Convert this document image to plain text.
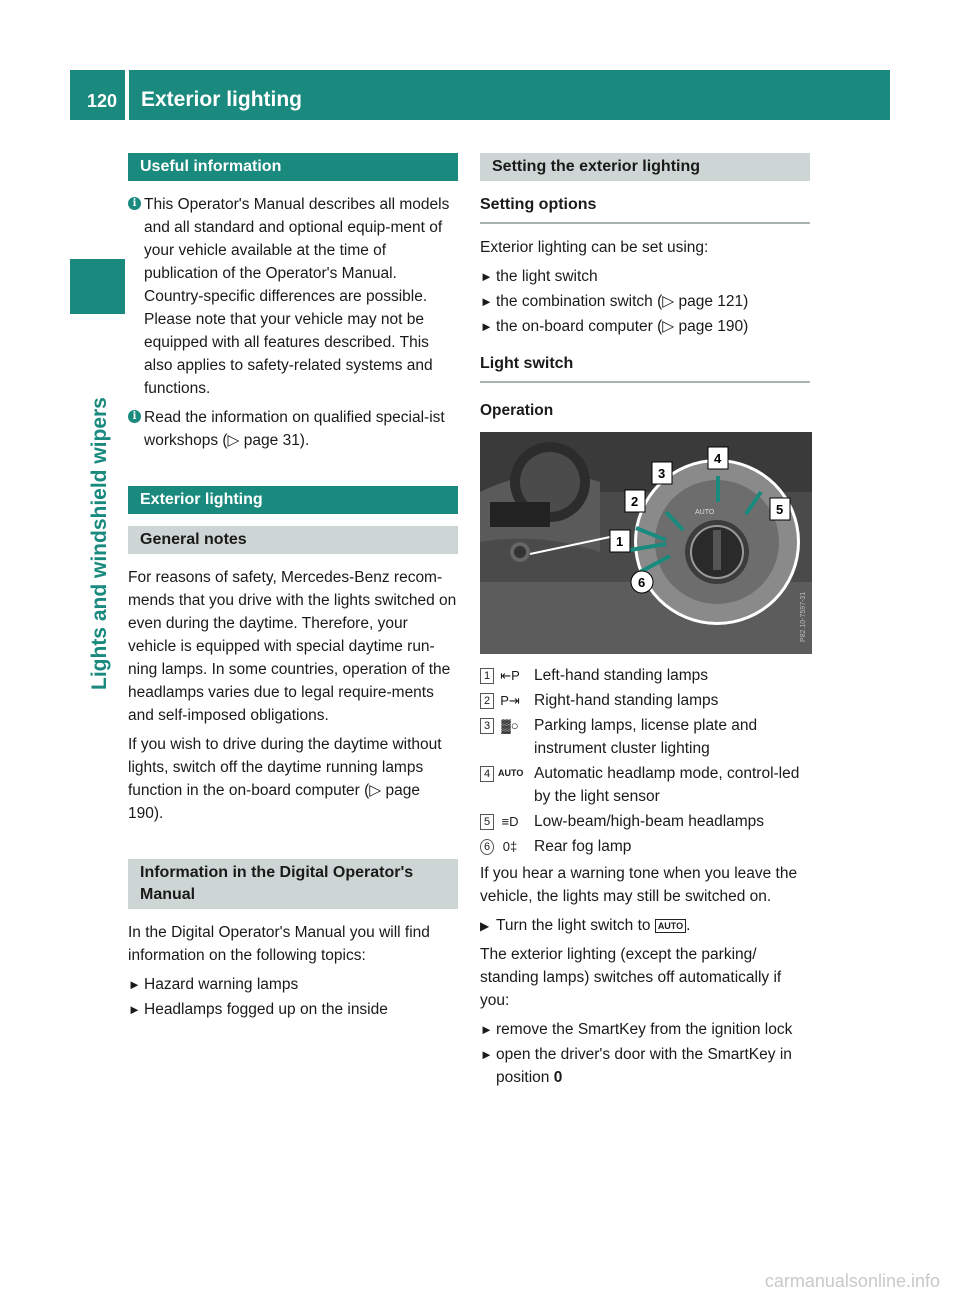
120 Exterior lighting
Lights and windshield wipers
Useful information
i This Operator's Manual describes all models and all standard and optional equip-ment of your vehicle available at the time of publication of the Operator's Manual. Country-specific differences are possible. Please note that your vehicle may not be equipped with all features described. This also applies to safety-related systems and functions.
i Read the information on qualified special-ist workshops (▷ page 31).
Exterior lighting
General notes

For reasons of safety, Mercedes-Benz recom-mends that you drive with the lights switched on even during the daytime. Therefore, your vehicle is equipped with special daytime run-ning lamps. In some countries, operation of the headlamps varies due to legal require-ments and self-imposed obligations.

If you wish to drive during the daytime without lights, switch off the daytime running lamps function in the on-board computer (▷ page 190).

Information in the Digital Operator's Manual

In the Digital Operator's Manual you will find information on the following topics:

► Hazard warning lamps
► Headlamps fogged up on the inside
Setting the exterior lighting
Setting options

Exterior lighting can be set using:

► the light switch
► the combination switch (▷ page 121)
► the on-board computer (▷ page 190)
Light switch
Operation
AUTO
1
2
3
4
5
6
P82.10-7597-31
1 ⇤P Left-hand standing lamps
2 P⇥ Right-hand standing lamps
3 ▓○ Parking lamps, license plate and instrument cluster lighting
4 AUTO Automatic headlamp mode, control-led by the light sensor
5 ≡D Low-beam/high-beam headlamps
6 0‡	Rear fog lamp

If you hear a warning tone when you leave the vehicle, the lights may still be switched on.

▶ Turn the light switch to AUTO .

The exterior lighting (except the parking/ standing lamps) switches off automatically if you:

► remove the SmartKey from the ignition lock
► open the driver's door with the SmartKey in position 0
carmanualsonline.info
